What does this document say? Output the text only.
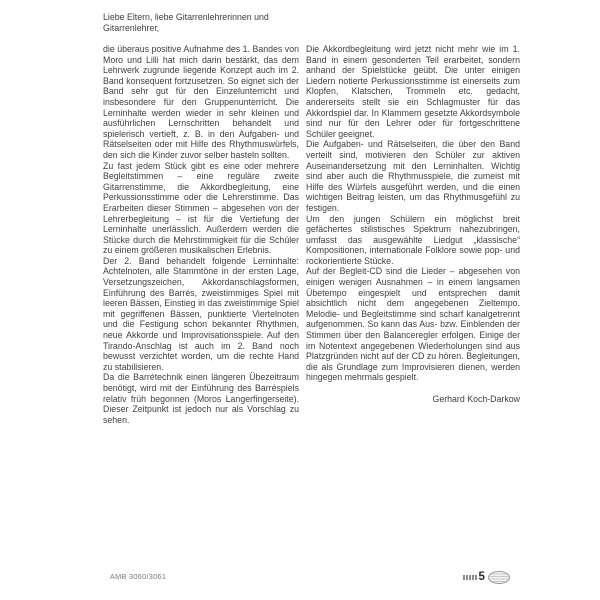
Liebe Eltern, liebe Gitarrenlehrerinnen und
Gitarrenlehrer,

die überaus positive Aufnahme des 1. Bandes von Moro und Lilli hat mich darin bestärkt, das dem Lehrwerk zugrunde liegende Konzept auch im 2. Band konsequent fortzusetzen. So eignet sich der Band sehr gut für den Einzelunterricht und insbesondere für den Gruppenunterricht. Die Lerninhalte werden wieder in sehr kleinen und ausführlichen Lernschritten behandelt und spielerisch vertieft, z. B. in den Aufgaben- und Rätselseiten oder mit Hilfe des Rhythmuswürfels, den sich die Kinder zuvor selber basteln sollten.

Zu fast jedem Stück gibt es eine oder mehrere Begleitstimmen – eine reguläre zweite Gitarrenstimme, die Akkordbegleitung, eine Perkussionsstimme oder die Lehrerstimme. Das Erarbeiten dieser Stimmen – abgesehen von der Lehrerbegleitung – ist für die Vertiefung der Lerninhalte unerlässlich. Außerdem werden die Stücke durch die Mehrstimmigkeit für die Schüler zu einem größeren musikalischen Erlebnis.

Der 2. Band behandelt folgende Lerninhalte: Achtelnoten, alle Stammtöne in der ersten Lage, Versetzungszeichen, Akkordanschlagsformen, Einführung des Barrés, zweistimmiges Spiel mit leeren Bässen, Einstieg in das zweistimmige Spiel mit gegriffenen Bässen, punktierte Viertelnoten und die Festigung schon bekannter Rhythmen, neue Akkorde und Improvisationsspiele. Auf den Tirando-Anschlag ist auch im 2. Band noch bewusst verzichtet worden, um die rechte Hand zu stabilisieren.

Da die Barrétechnik einen längeren Übezeitraum benötigt, wird mit der Einführung des Barréspiels relativ früh begonnen (Moros Langerfingerseite). Dieser Zeitpunkt ist jedoch nur als Vorschlag zu sehen.

Die Akkordbegleitung wird jetzt nicht mehr wie im 1. Band in einem gesonderten Teil erarbeitet, sondern anhand der Spielstücke geübt. Die unter einigen Liedern notierte Perkussionsstimme ist einerseits zum Klopfen, Klatschen, Trommeln etc. gedacht, andererseits stellt sie ein Schlagmuster für das Akkordspiel dar. In Klammern gesetzte Akkordsymbole sind nur für den Lehrer oder für fortgeschrittene Schüler geeignet.

Die Aufgaben- und Rätselseiten, die über den Band verteilt sind, motivieren den Schüler zur aktiven Auseinandersetzung mit den Lerninhalten. Wichtig sind aber auch die Rhythmusspiele, die zumeist mit Hilfe des Würfels ausgeführt werden, und die einen wichtigen Beitrag leisten, um das Rhythmusgefühl zu festigen.

Um den jungen Schülern ein möglichst breit gefächertes stilistisches Spektrum nahezubringen, umfasst das ausgewählte Liedgut „klassische“ Kompositionen, internationale Folklore sowie pop- und rockorientierte Stücke.

Auf der Begleit-CD sind die Lieder – abgesehen von einigen wenigen Ausnahmen – in einem langsamen Übetempo eingespielt und entsprechen damit absichtlich nicht dem angegebenen Zieltempo. Melodie- und Begleitstimme sind scharf kanalgetrennt aufgenommen. So kann das Aus- bzw. Einblenden der Stimmen über den Balanceregler erfolgen. Einige der im Notentext angegebenen Wiederholungen sind aus Platzgründen nicht auf der CD zu hören. Begleitungen, die als Grundlage zum Improvisieren dienen, werden hingegen mehrmals gespielt.

Gerhard Koch-Darkow

AMB 3060/3061	5
